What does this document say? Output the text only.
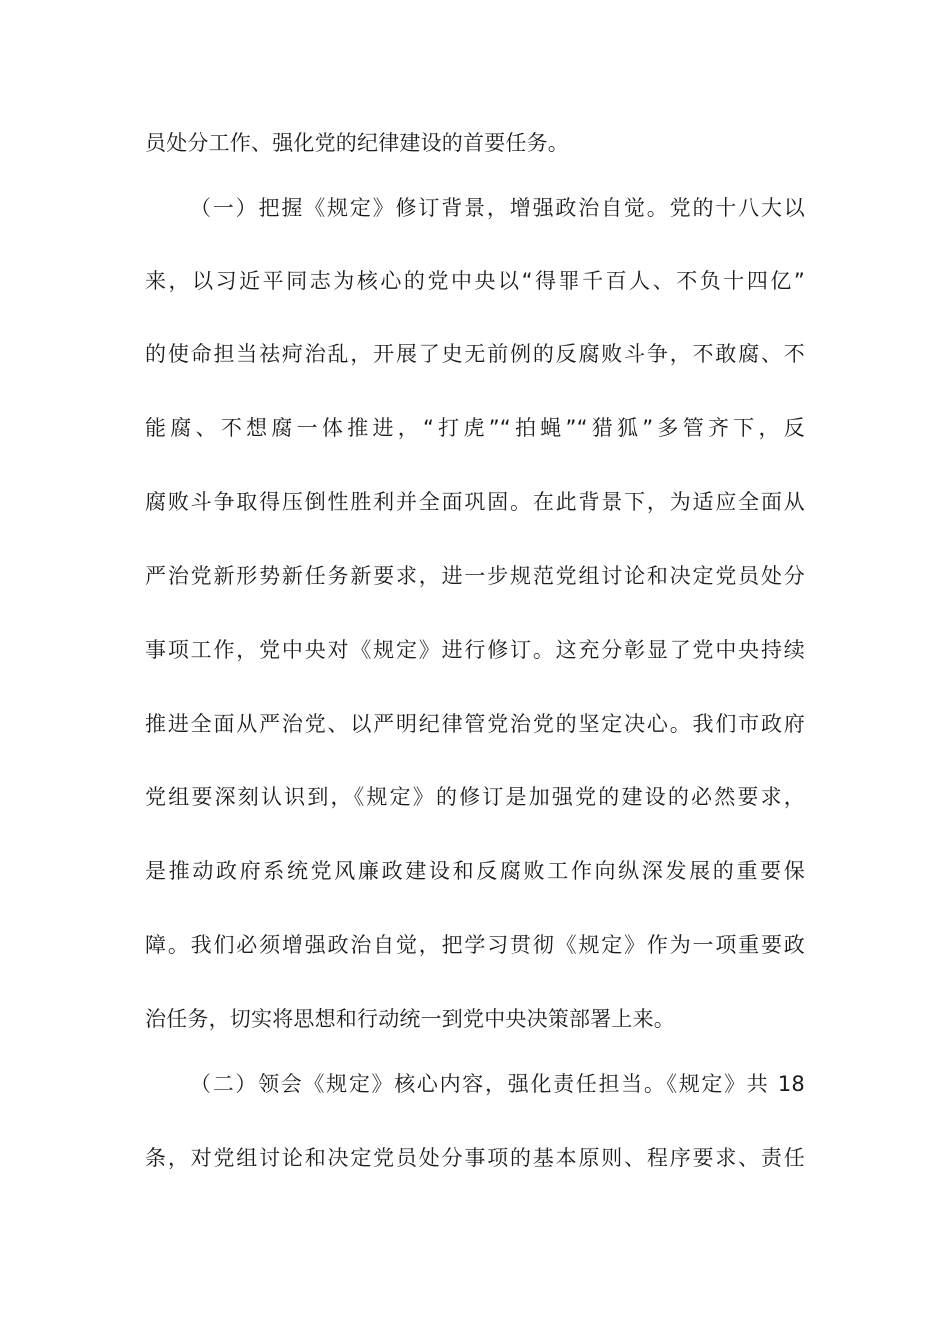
员处分工作、强化党的纪律建设的首要任务。
（一）把握《规定》修订背景，增强政治自觉。党的十八大以
来，以习近平同志为核心的党中央以“得罪千百人、不负十四亿”
的使命担当祛疴治乱，开展了史无前例的反腐败斗争，不敢腐、不
能腐、不想腐一体推进，“打虎”“拍蝇”“猎狐”多管齐下，反
腐败斗争取得压倒性胜利并全面巩固。在此背景下，为适应全面从
严治党新形势新任务新要求，进一步规范党组讨论和决定党员处分
事项工作，党中央对《规定》进行修订。这充分彰显了党中央持续
推进全面从严治党、以严明纪律管党治党的坚定决心。我们市政府
党组要深刻认识到，《规定》的修订是加强党的建设的必然要求，
是推动政府系统党风廉政建设和反腐败工作向纵深发展的重要保
障。我们必须增强政治自觉，把学习贯彻《规定》作为一项重要政
治任务，切实将思想和行动统一到党中央决策部署上来。
（二）领会《规定》核心内容，强化责任担当。《规定》共 18
条，对党组讨论和决定党员处分事项的基本原则、程序要求、责任
